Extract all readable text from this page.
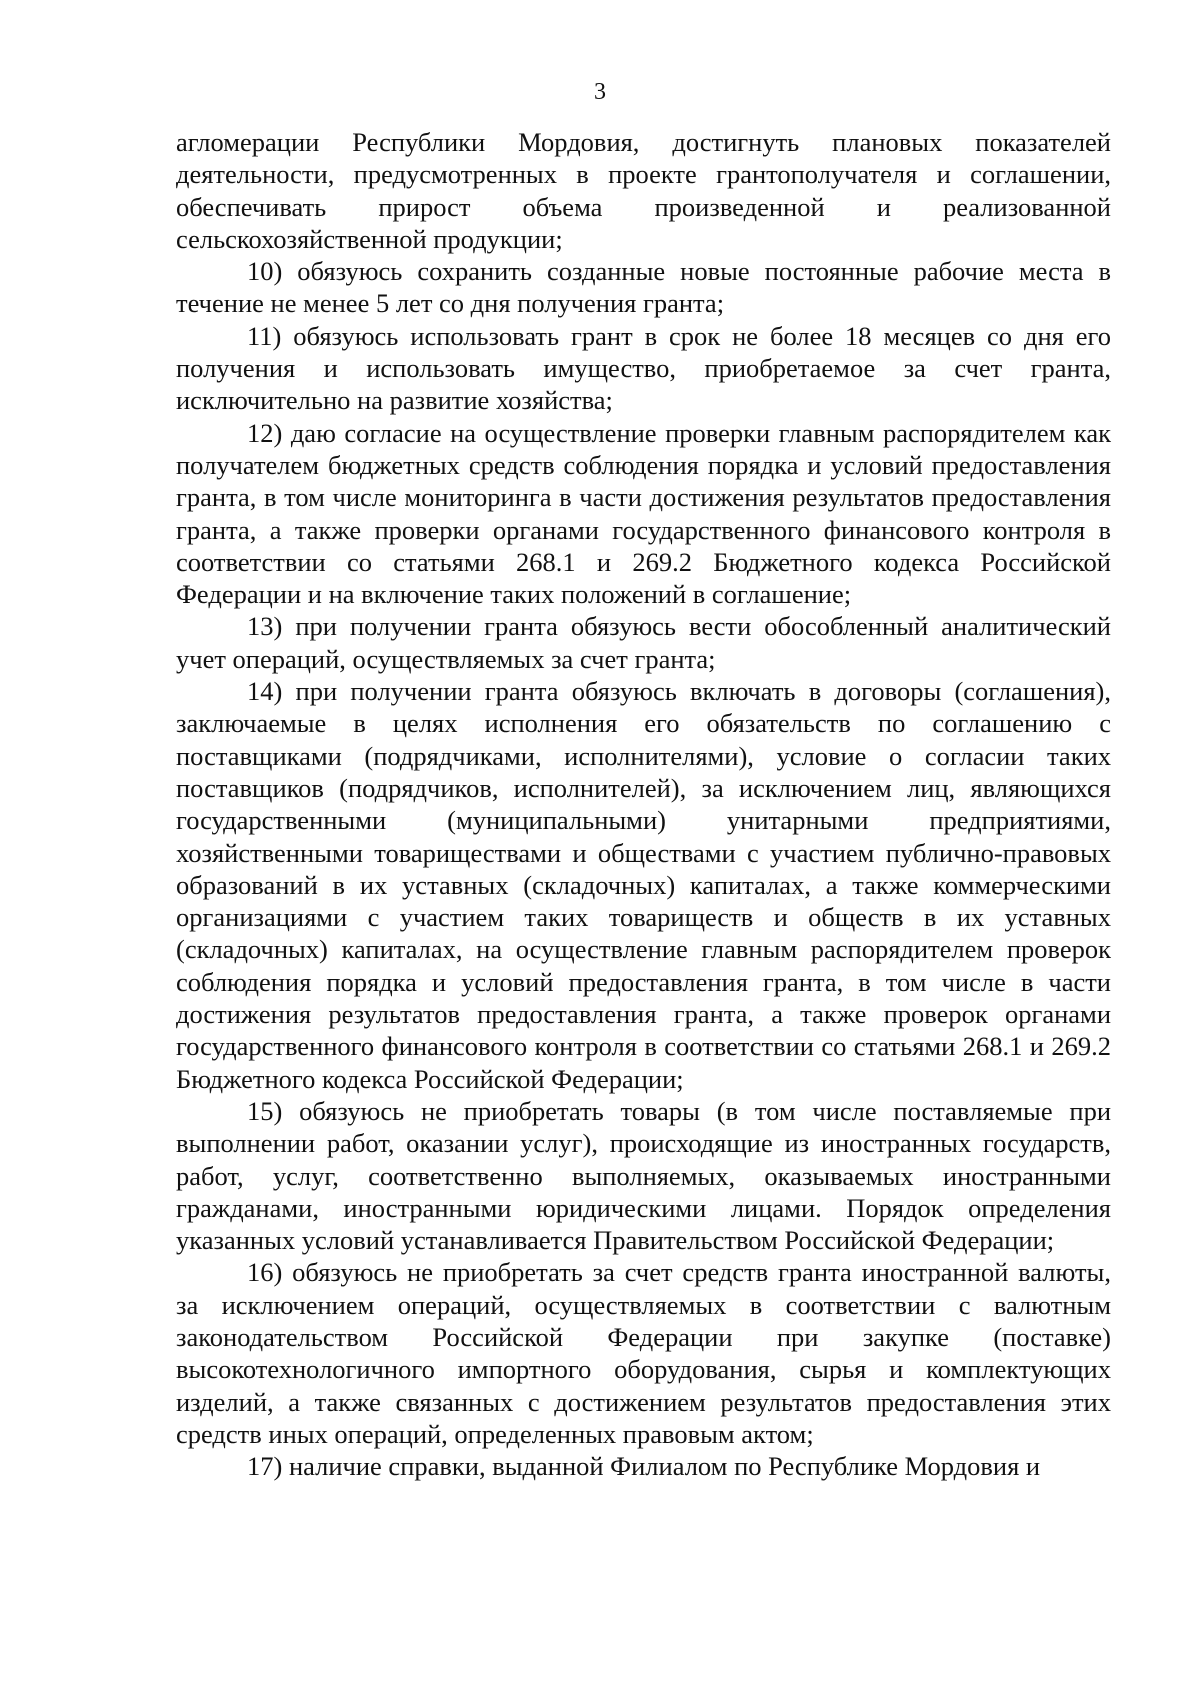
3

агломерации Республики Мордовия, достигнуть плановых показателей деятельности, предусмотренных в проекте грантополучателя и соглашении, обеспечивать прирост объема произведенной и реализованной сельскохозяйственной продукции;

10) обязуюсь сохранить созданные новые постоянные рабочие места в течение не менее 5 лет со дня получения гранта;

11) обязуюсь использовать грант в срок не более 18 месяцев со дня его получения и использовать имущество, приобретаемое за счет гранта, исключительно на развитие хозяйства;

12) даю согласие на осуществление проверки главным распорядителем как получателем бюджетных средств соблюдения порядка и условий предоставления гранта, в том числе мониторинга в части достижения результатов предоставления гранта, а также проверки органами государственного финансового контроля в соответствии со статьями 268.1 и 269.2 Бюджетного кодекса Российской Федерации и на включение таких положений в соглашение;

13) при получении гранта обязуюсь вести обособленный аналитический учет операций, осуществляемых за счет гранта;

14) при получении гранта обязуюсь включать в договоры (соглашения), заключаемые в целях исполнения его обязательств по соглашению с поставщиками (подрядчиками, исполнителями), условие о согласии таких поставщиков (подрядчиков, исполнителей), за исключением лиц, являющихся государственными (муниципальными) унитарными предприятиями, хозяйственными товариществами и обществами с участием публично-правовых образований в их уставных (складочных) капиталах, а также коммерческими организациями с участием таких товариществ и обществ в их уставных (складочных) капиталах, на осуществление главным распорядителем проверок соблюдения порядка и условий предоставления гранта, в том числе в части достижения результатов предоставления гранта, а также проверок органами государственного финансового контроля в соответствии со статьями 268.1 и 269.2 Бюджетного кодекса Российской Федерации;

15) обязуюсь не приобретать товары (в том числе поставляемые при выполнении работ, оказании услуг), происходящие из иностранных государств, работ, услуг, соответственно выполняемых, оказываемых иностранными гражданами, иностранными юридическими лицами. Порядок определения указанных условий устанавливается Правительством Российской Федерации;

16) обязуюсь не приобретать за счет средств гранта иностранной валюты, за исключением операций, осуществляемых в соответствии с валютным законодательством Российской Федерации при закупке (поставке) высокотехнологичного импортного оборудования, сырья и комплектующих изделий, а также связанных с достижением результатов предоставления этих средств иных операций, определенных правовым актом;

17) наличие справки, выданной Филиалом по Республике Мордовия и
